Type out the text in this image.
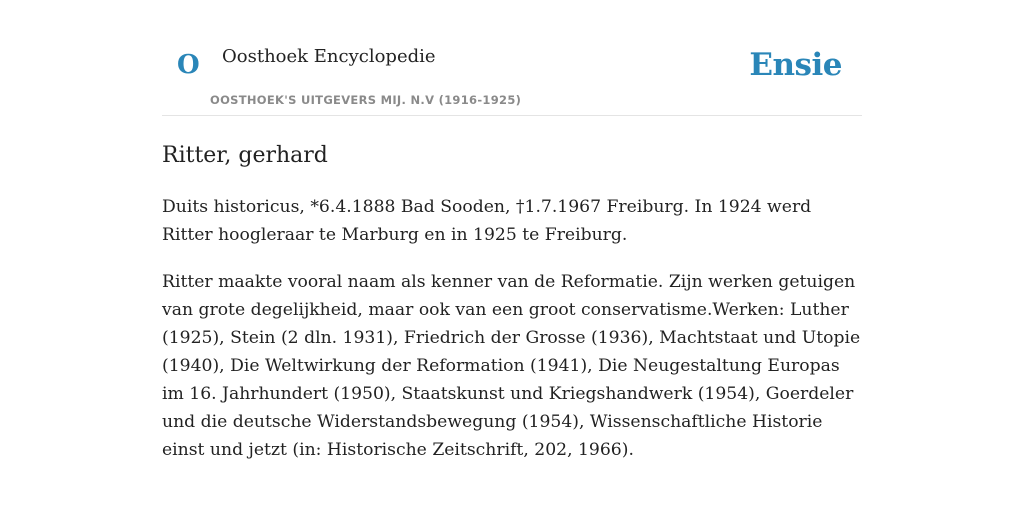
O Oosthoek Encyclopedie
OOSTHOEK'S UITGEVERS MIJ. N.V (1916-1925)
Ensie
Ritter, gerhard

Duits historicus, *6.4.1888 Bad Sooden, †1.7.1967 Freiburg. In 1924 werd Ritter hoogleraar te Marburg en in 1925 te Freiburg.

Ritter maakte vooral naam als kenner van de Reformatie. Zijn werken getuigen van grote degelijkheid, maar ook van een groot conservatisme.Werken: Luther (1925), Stein (2 dln. 1931), Friedrich der Grosse (1936), Machtstaat und Utopie (1940), Die Weltwirkung der Reformation (1941), Die Neugestaltung Europas im 16. Jahrhundert (1950), Staatskunst und Kriegshandwerk (1954), Goerdeler und die deutsche Widerstandsbewegung (1954), Wissenschaftliche Historie einst und jetzt (in: Historische Zeitschrift, 202, 1966).
